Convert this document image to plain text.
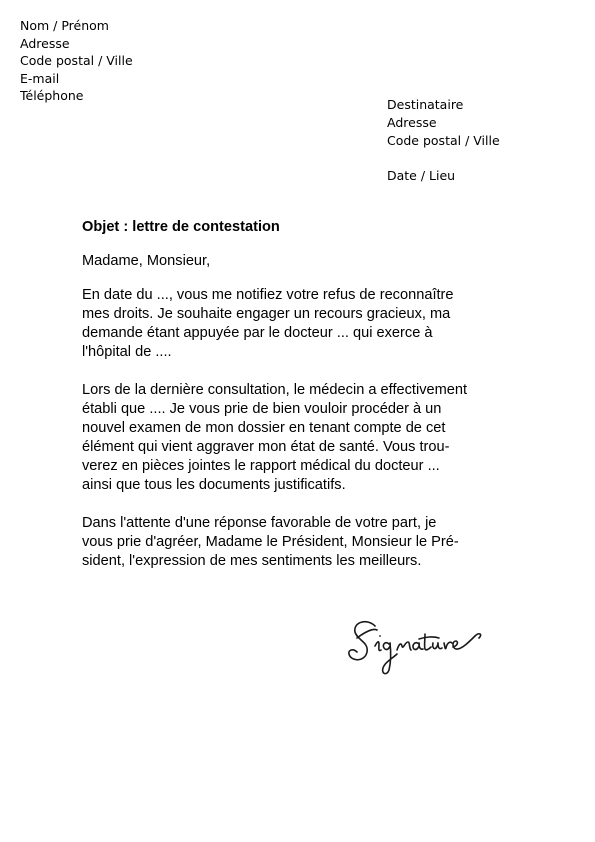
Nom / Prénom
Adresse
Code postal / Ville
E-mail
Téléphone
Destinataire
Adresse
Code postal / Ville
Date / Lieu
Objet : lettre de contestation
Madame, Monsieur,
En date du ..., vous me notifiez votre refus de reconnaître
mes droits. Je souhaite engager un recours gracieux, ma
demande étant appuyée par le docteur ... qui exerce à
l'hôpital de ....
Lors de la dernière consultation, le médecin a effectivement
établi que .... Je vous prie de bien vouloir procéder à un
nouvel examen de mon dossier en tenant compte de cet
élément qui vient aggraver mon état de santé. Vous trou-
verez en pièces jointes le rapport médical du docteur ...
ainsi que tous les documents justificatifs.
Dans l'attente d'une réponse favorable de votre part, je
vous prie d'agréer, Madame le Président, Monsieur le Pré-
sident, l'expression de mes sentiments les meilleurs.
